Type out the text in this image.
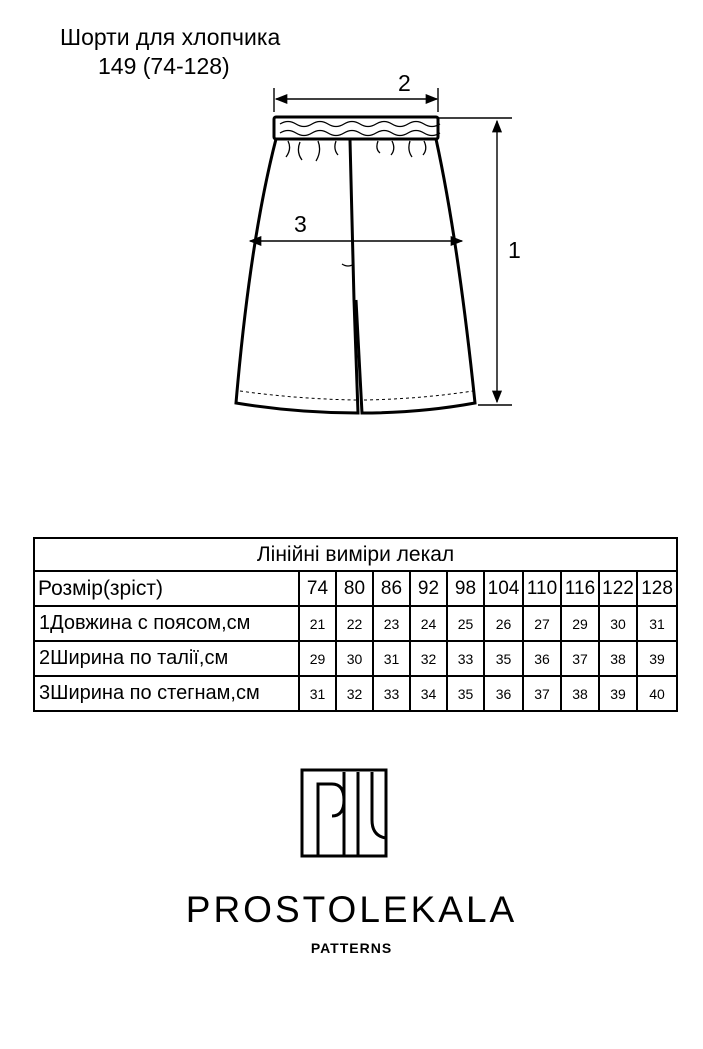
Шорти для хлопчика
149 (74-128)
2
3
1
Лінійні виміри лекал										
Розмір(зріст)	74	80	86	92	98	104	110	116	122	128
1Довжина с поясом,см	21	22	23	24	25	26	27	29	30	31
2Ширина по талії,см	29	30	31	32	33	35	36	37	38	39
3Ширина по стегнам,см	31	32	33	34	35	36	37	38	39	40
PROSTOLEKALA
PATTERNS
